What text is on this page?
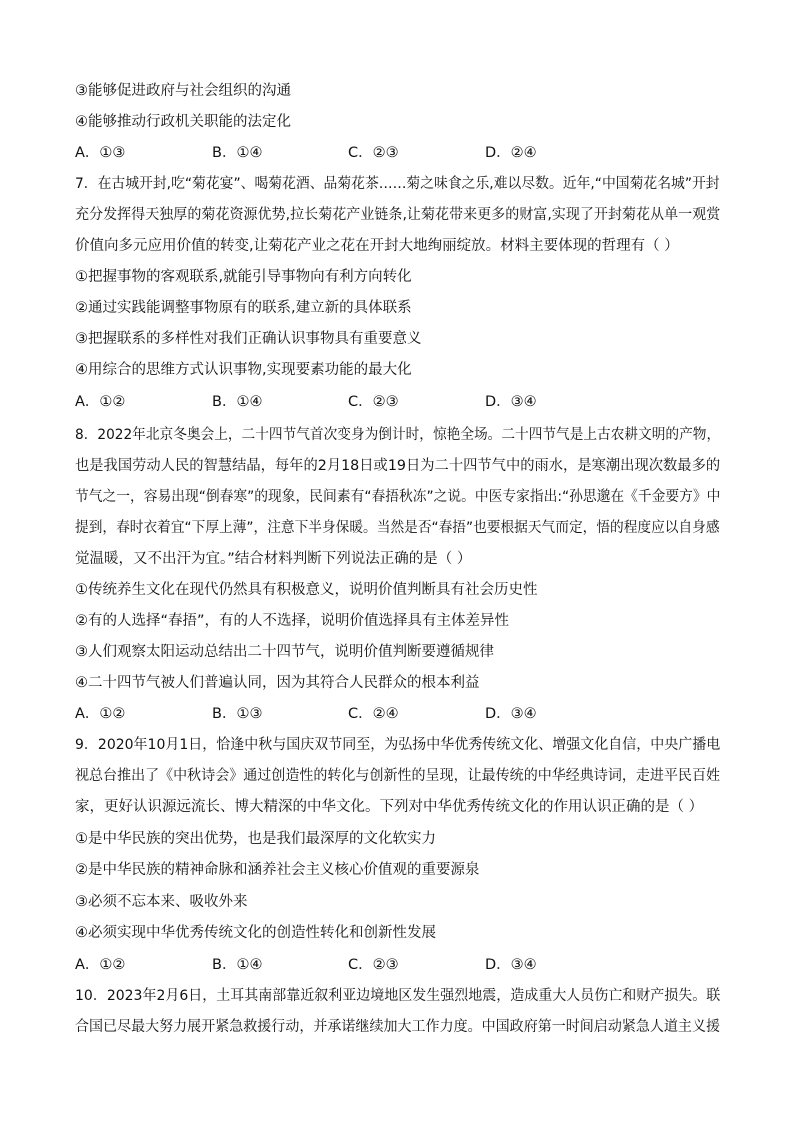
③能够促进政府与社会组织的沟通
④能够推动行政机关职能的法定化
A．①③	B．①④	C．②③	D．②④
7．在古城开封,吃“菊花宴”、喝菊花酒、品菊花茶……菊之味食之乐,难以尽数。近年,“中国菊花名城”开封
充分发挥得天独厚的菊花资源优势,拉长菊花产业链条,让菊花带来更多的财富,实现了开封菊花从单一观赏
价值向多元应用价值的转变,让菊花产业之花在开封大地绚丽绽放。材料主要体现的哲理有（ ）
①把握事物的客观联系,就能引导事物向有利方向转化
②通过实践能调整事物原有的联系,建立新的具体联系
③把握联系的多样性对我们正确认识事物具有重要意义
④用综合的思维方式认识事物,实现要素功能的最大化
A．①②	B．①④	C．②③	D．③④
8．2022年北京冬奥会上，二十四节气首次变身为倒计时，惊艳全场。二十四节气是上古农耕文明的产物，
也是我国劳动人民的智慧结晶，每年的2月18日或19日为二十四节气中的雨水，是寒潮出现次数最多的
节气之一，容易出现“倒春寒”的现象，民间素有“春捂秋冻”之说。中医专家指出:“孙思邈在《千金要方》中
提到，春时衣着宜“下厚上薄”，注意下半身保暖。当然是否“春捂”也要根据天气而定，悟的程度应以自身感
觉温暖，又不出汗为宜。”结合材料判断下列说法正确的是（ ）
①传统养生文化在现代仍然具有积极意义，说明价值判断具有社会历史性
②有的人选择“春捂”，有的人不选择，说明价值选择具有主体差异性
③人们观察太阳运动总结出二十四节气，说明价值判断要遵循规律
④二十四节气被人们普遍认同，因为其符合人民群众的根本利益
A．①②	B．①③	C．②④	D．③④
9．2020年10月1日，恰逢中秋与国庆双节同至，为弘扬中华优秀传统文化、增强文化自信，中央广播电
视总台推出了《中秋诗会》通过创造性的转化与创新性的呈现，让最传统的中华经典诗词，走进平民百姓
家，更好认识源远流长、博大精深的中华文化。下列对中华优秀传统文化的作用认识正确的是（ ）
①是中华民族的突出优势，也是我们最深厚的文化软实力
②是中华民族的精神命脉和涵养社会主义核心价值观的重要源泉
③必须不忘本来、吸收外来
④必须实现中华优秀传统文化的创造性转化和创新性发展
A．①②	B．①④	C．②③	D．③④
10．2023年2月6日，土耳其南部靠近叙利亚边境地区发生强烈地震，造成重大人员伤亡和财产损失。联
合国已尽最大努力展开紧急救援行动，并承诺继续加大工作力度。中国政府第一时间启动紧急人道主义援
